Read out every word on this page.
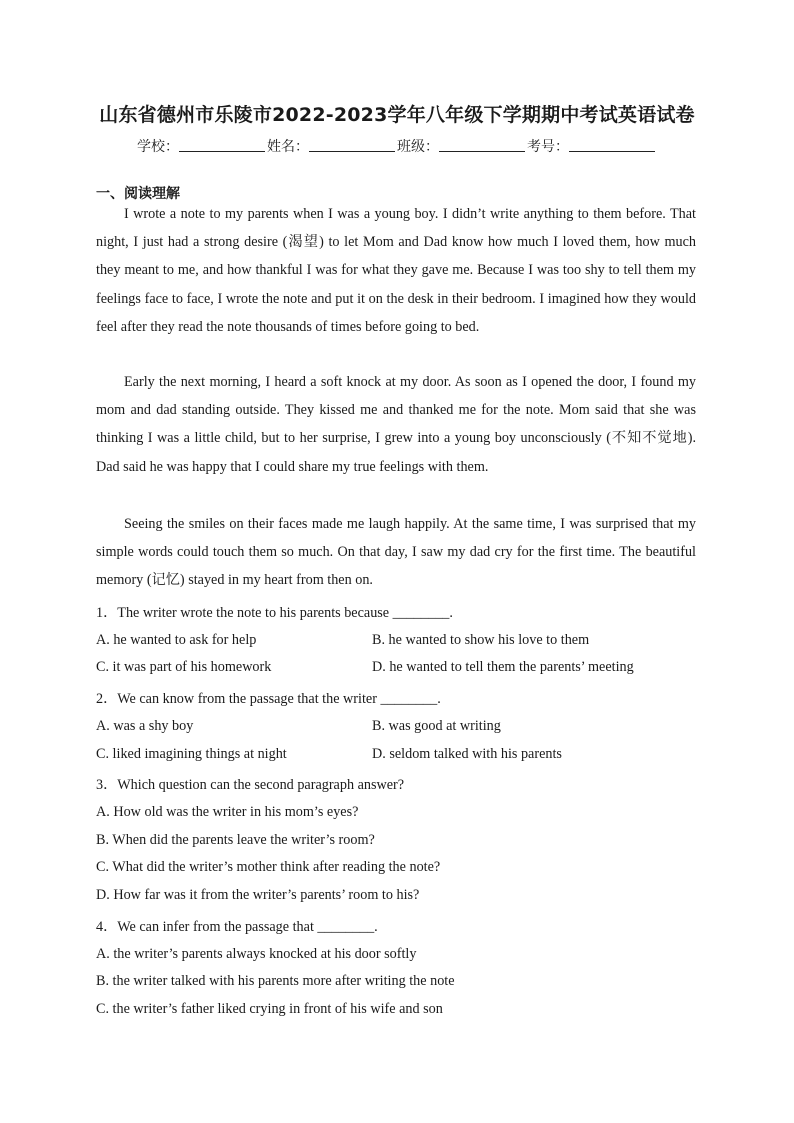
山东省德州市乐陵市2022-2023学年八年级下学期期中考试英语试卷
学校：	姓名：	班级：	考号：
一、阅读理解

I wrote a note to my parents when I was a young boy. I didn’t write anything to them before. That night, I just had a strong desire (渴望) to let Mom and Dad know how much I loved them, how much they meant to me, and how thankful I was for what they gave me. Because I was too shy to tell them my feelings face to face, I wrote the note and put it on the desk in their bedroom. I imagined how they would feel after they read the note thousands of times before going to bed.

Early the next morning, I heard a soft knock at my door. As soon as I opened the door, I found my mom and dad standing outside. They kissed me and thanked me for the note. Mom said that she was thinking I was a little child, but to her surprise, I grew into a young boy unconsciously (不知不觉地). Dad said he was happy that I could share my true feelings with them.

Seeing the smiles on their faces made me laugh happily. At the same time, I was surprised that my simple words could touch them so much. On that day, I saw my dad cry for the first time. The beautiful memory (记忆) stayed in my heart from then on.

1．The writer wrote the note to his parents because ________.
A. he wanted to ask for help	B. he wanted to show his love to them
C. it was part of his homework	D. he wanted to tell them the parents’ meeting
2．We can know from the passage that the writer ________.
A. was a shy boy	B. was good at writing
C. liked imagining things at night	D. seldom talked with his parents
3．Which question can the second paragraph answer?
A. How old was the writer in his mom’s eyes?
B. When did the parents leave the writer’s room?
C. What did the writer’s mother think after reading the note?
D. How far was it from the writer’s parents’ room to his?
4．We can infer from the passage that ________.
A. the writer’s parents always knocked at his door softly
B. the writer talked with his parents more after writing the note
C. the writer’s father liked crying in front of his wife and son
